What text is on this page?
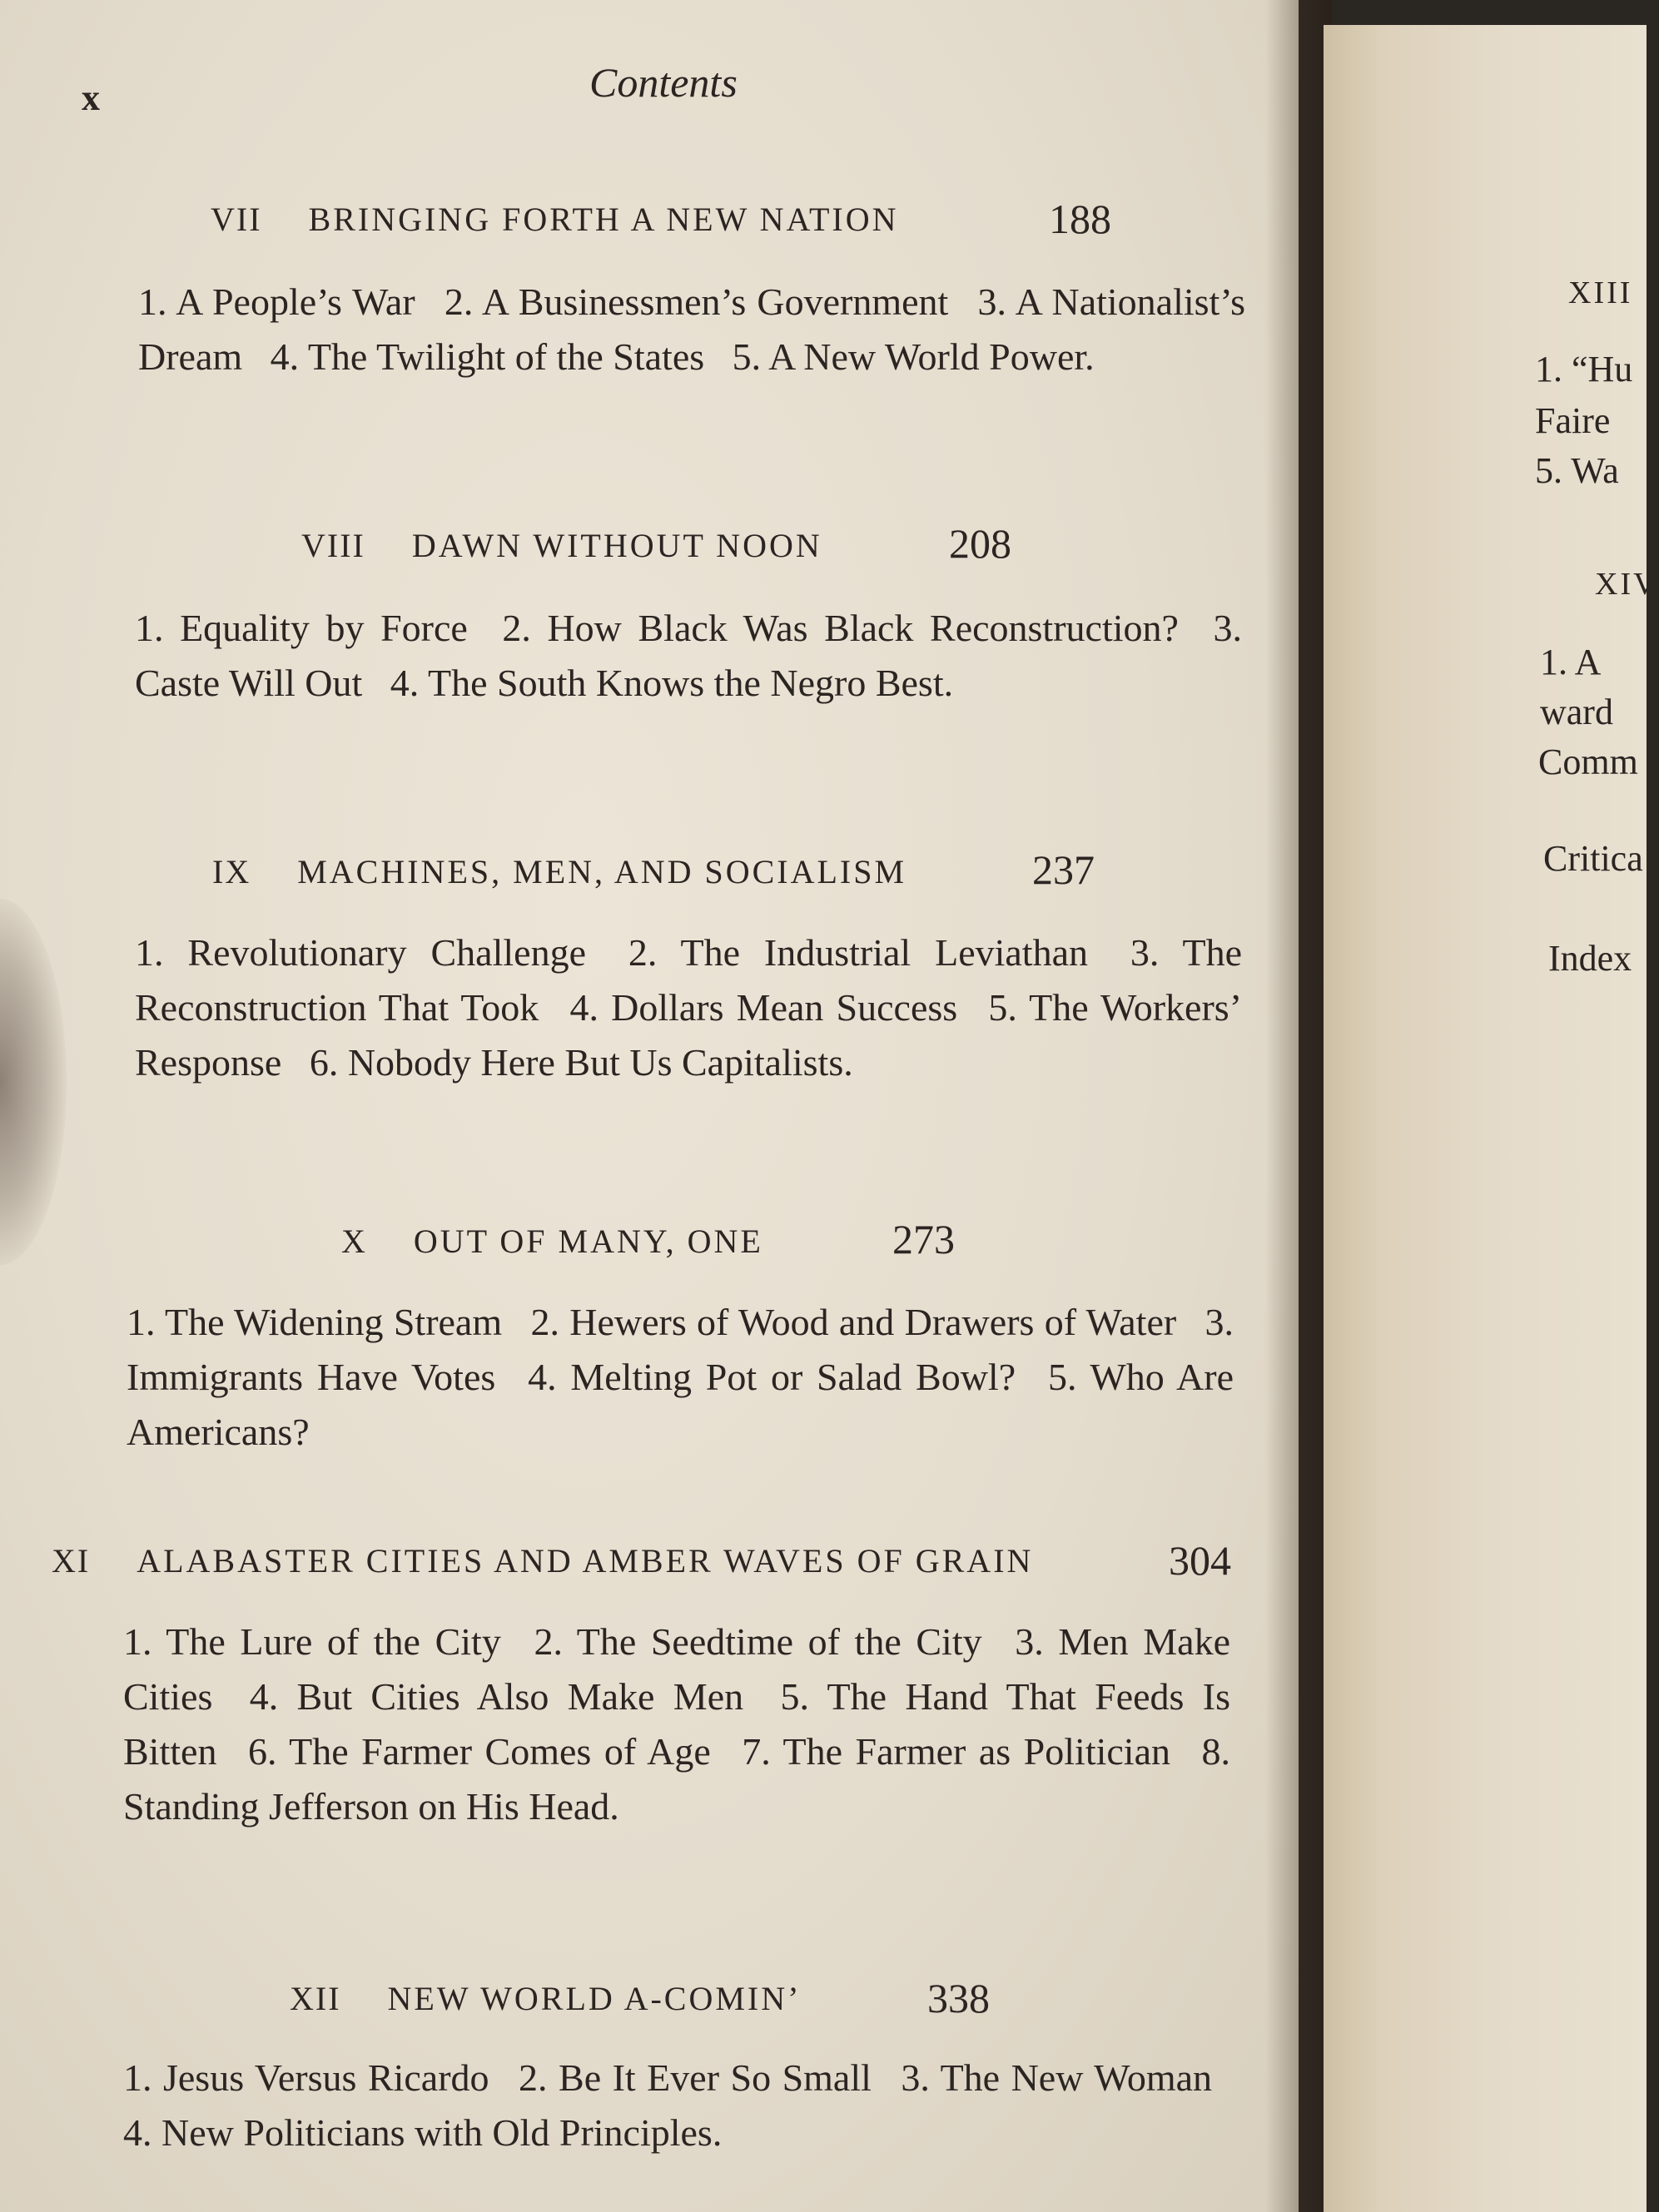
x	Contents
VII BRINGING FORTH A NEW NATION	188
1. A People’s War 2. A Businessmen’s Government 3. A Nationalist’s Dream 4. The Twilight of the States 5. A New World Power.
VIII DAWN WITHOUT NOON	208
1. Equality by Force 2. How Black Was Black Reconstruction? 3. Caste Will Out 4. The South Knows the Negro Best.
IX MACHINES, MEN, AND SOCIALISM	237
1. Revolutionary Challenge 2. The Industrial Leviathan 3. The Reconstruction That Took 4. Dollars Mean Success 5. The Workers’ Response 6. Nobody Here But Us Capitalists.
X OUT OF MANY, ONE	273
1. The Widening Stream 2. Hewers of Wood and Drawers of Water 3. Immigrants Have Votes 4. Melting Pot or Salad Bowl? 5. Who Are Americans?
XI ALABASTER CITIES AND AMBER WAVES OF GRAIN	304
1. The Lure of the City 2. The Seedtime of the City 3. Men Make Cities 4. But Cities Also Make Men 5. The Hand That Feeds Is Bitten 6. The Farmer Comes of Age 7. The Farmer as Politician 8. Standing Jefferson on His Head.
XII NEW WORLD A-COMIN’	338
1. Jesus Versus Ricardo 2. Be It Ever So Small 3. The New Woman 4. New Politicians with Old Principles.
XIII
1. “Hu
Faire
5. Wa
XIV
1. A
ward
Comm
Critica
Index
